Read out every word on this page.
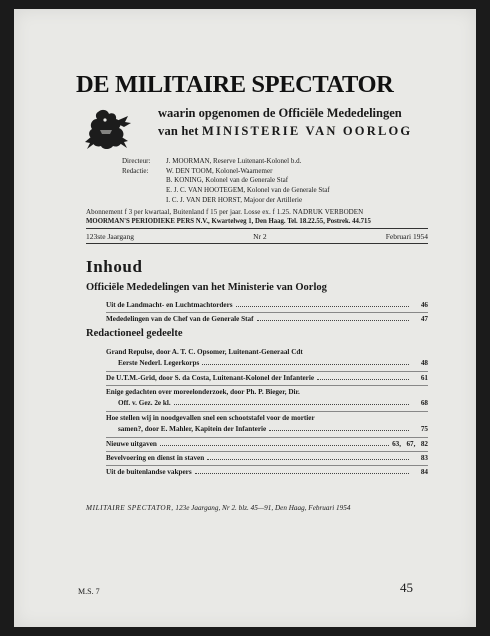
DE MILITAIRE SPECTATOR
waarin opgenomen de Officiële Mededelingen
van het MINISTERIE VAN OORLOG
Directeur:	J. MOORMAN, Reserve Luitenant-Kolonel b.d.
Redactie:	W. DEN TOOM, Kolonel-Waarnemer
B. KONING, Kolonel van de Generale Staf
E. J. C. VAN HOOTEGEM, Kolonel van de Generale Staf
I. C. J. VAN DER HORST, Majoor der Artillerie
Abonnement f 3 per kwartaal, Buitenland f 15 per jaar. Losse ex. f 1.25. NADRUK VERBODEN
MOORMAN'S PERIODIEKE PERS N.V., Kwartelweg 1, Den Haag. Tel. 18.22.55, Postrek. 44.715
123ste Jaargang	Nr 2	Februari 1954
Inhoud
Officiële Mededelingen van het Ministerie van Oorlog
Uit de Landmacht- en Luchtmachtorders	46
Mededelingen van de Chef van de Generale Staf	47
Redactioneel gedeelte
Grand Repulse, door A. T. C. Opsomer, Luitenant-Generaal Cdt
Eerste Nederl. Legerkorps	48
De U.T.M.-Grid, door S. da Costa, Luitenant-Kolonel der Infanterie	61
Enige gedachten over moreelonderzoek, door Ph. P. Bieger, Dir.
Off. v. Gez. 2e kl.	68
Hoe stellen wij in noodgevallen snel een schootstafel voor de mortier
samen?, door E. Mahler, Kapitein der Infanterie	75
Nieuwe uitgaven	63,   67,   82
Bevelvoering en dienst in staven	83
Uit de buitenlandse vakpers	84
MILITAIRE SPECTATOR, 123e Jaargang, Nr 2. blz. 45—91, Den Haag, Februari 1954
M.S. 7	45
